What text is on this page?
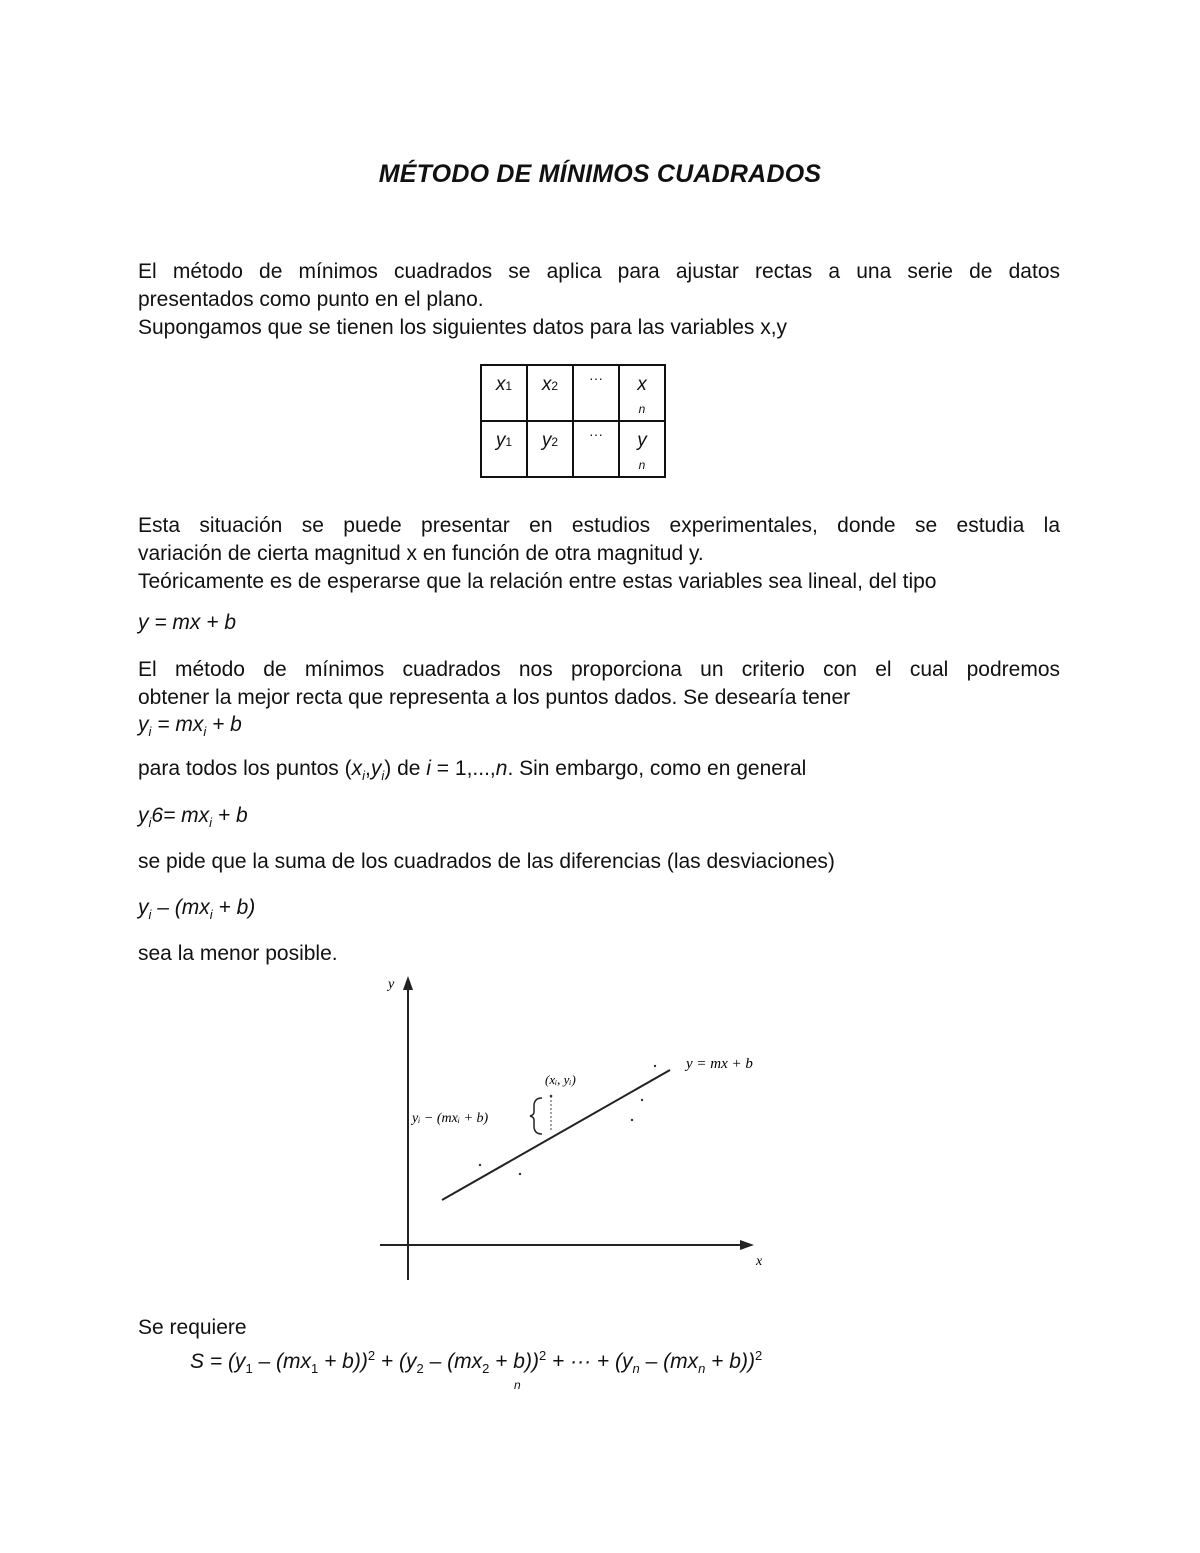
MÉTODO DE MÍNIMOS CUADRADOS
El método de mínimos cuadrados se aplica para ajustar rectas a una serie de datos
presentados como punto en el plano.
Supongamos que se tienen los siguientes datos para las variables x,y
x1	x2	···	x
n

y1	y2	···	y
n
Esta situación se puede presentar en estudios experimentales, donde se estudia la
variación de cierta magnitud x en función de otra magnitud y.
Teóricamente es de esperarse que la relación entre estas variables sea lineal, del tipo
y = mx + b
El método de mínimos cuadrados nos proporciona un criterio con el cual podremos
obtener la mejor recta que representa a los puntos dados. Se desearía tener
$y_i = mx_i + b$
para todos los puntos $(x_i,y_i)$ de i = 1,...,n. Sin embargo, como en general
$y_i6= mx_i + b$
se pide que la suma de los cuadrados de las diferencias (las desviaciones)
$y_i - (mx_i + b)$
sea la menor posible.
y
x
y = mx + b
(xᵢ, yᵢ)
yᵢ − (mxᵢ + b)
Se requiere
$S = (y_1 - (mx_1 + b))^2 + (y_2 - (mx_2 + b))^2$ + ··· + $(y_n - (mx_n + b))^2$
n
